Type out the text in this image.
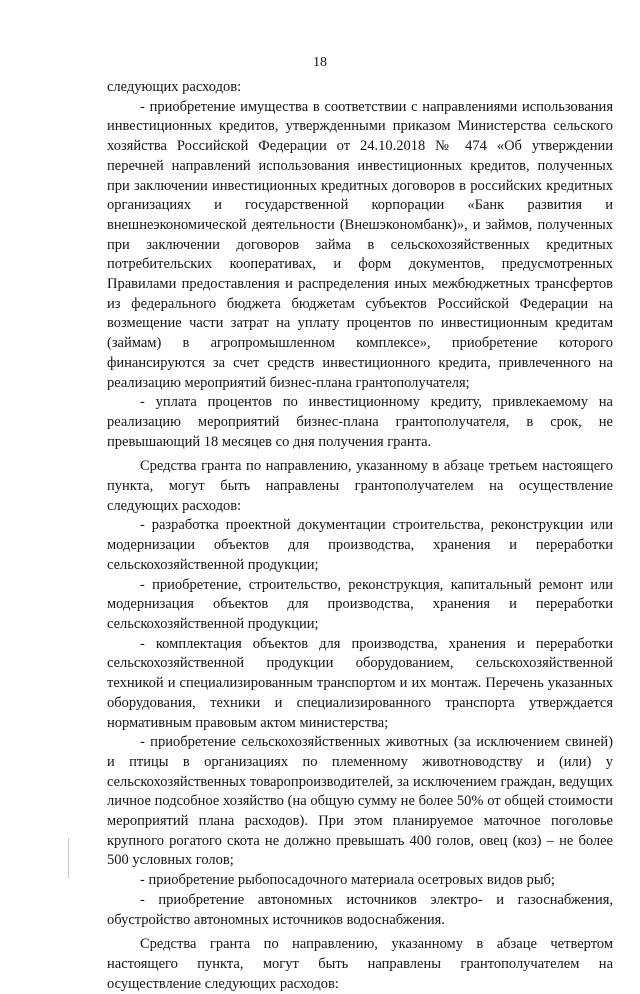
18

следующих расходов:

- приобретение имущества в соответствии с направлениями использования инвестиционных кредитов, утвержденными приказом Министерства сельского хозяйства Российской Федерации от 24.10.2018 № 474 «Об утверждении перечней направлений использования инвестиционных кредитов, полученных при заключении инвестиционных кредитных договоров в российских кредитных организациях и государственной корпорации «Банк развития и внешнеэкономической деятельности (Внешэкономбанк)», и займов, полученных при заключении договоров займа в сельскохозяйственных кредитных потребительских кооперативах, и форм документов, предусмотренных Правилами предоставления и распределения иных межбюджетных трансфертов из федерального бюджета бюджетам субъектов Российской Федерации на возмещение части затрат на уплату процентов по инвестиционным кредитам (займам) в агропромышленном комплексе», приобретение которого финансируются за счет средств инвестиционного кредита, привлеченного на реализацию мероприятий бизнес-плана грантополучателя;

- уплата процентов по инвестиционному кредиту, привлекаемому на реализацию мероприятий бизнес-плана грантополучателя, в срок, не превышающий 18 месяцев со дня получения гранта.

Средства гранта по направлению, указанному в абзаце третьем настоящего пункта, могут быть направлены грантополучателем на осуществление следующих расходов:

- разработка проектной документации строительства, реконструкции или модернизации объектов для производства, хранения и переработки сельскохозяйственной продукции;

- приобретение, строительство, реконструкция, капитальный ремонт или модернизация объектов для производства, хранения и переработки сельскохозяйственной продукции;

- комплектация объектов для производства, хранения и переработки сельскохозяйственной продукции оборудованием, сельскохозяйственной техникой и специализированным транспортом и их монтаж. Перечень указанных оборудования, техники и специализированного транспорта утверждается нормативным правовым актом министерства;

- приобретение сельскохозяйственных животных (за исключением свиней) и птицы в организациях по племенному животноводству и (или) у сельскохозяйственных товаропроизводителей, за исключением граждан, ведущих личное подсобное хозяйство (на общую сумму не более 50% от общей стоимости мероприятий плана расходов). При этом планируемое маточное поголовье крупного рогатого скота не должно превышать 400 голов, овец (коз) – не более 500 условных голов;

- приобретение рыбопосадочного материала осетровых видов рыб;

- приобретение автономных источников электро- и газоснабжения, обустройство автономных источников водоснабжения.

Средства гранта по направлению, указанному в абзаце четвертом настоящего пункта, могут быть направлены грантополучателем на осуществление следующих расходов:
